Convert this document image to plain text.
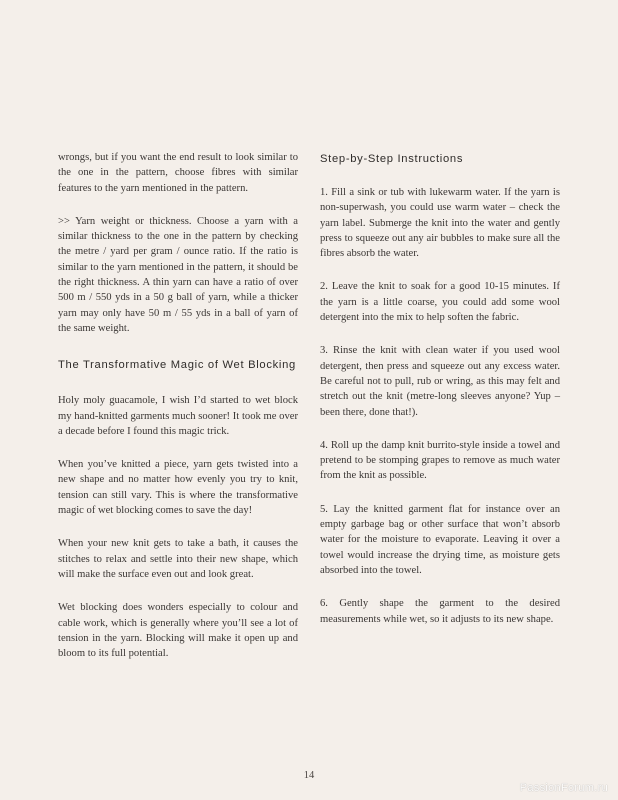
wrongs, but if you want the end result to look similar to the one in the pattern, choose fibres with similar features to the yarn mentioned in the pattern.

>> Yarn weight or thickness. Choose a yarn with a similar thickness to the one in the pattern by checking the metre / yard per gram / ounce ratio. If the ratio is similar to the yarn mentioned in the pattern, it should be the right thickness. A thin yarn can have a ratio of over 500 m / 550 yds in a 50 g ball of yarn, while a thicker yarn may only have 50 m / 55 yds in a ball of yarn of the same weight.

The Transformative Magic of Wet Blocking

Holy moly guacamole, I wish I’d started to wet block my hand-knitted garments much sooner! It took me over a decade before I found this magic trick.

When you’ve knitted a piece, yarn gets twisted into a new shape and no matter how evenly you try to knit, tension can still vary. This is where the transformative magic of wet blocking comes to save the day!

When your new knit gets to take a bath, it causes the stitches to relax and settle into their new shape, which will make the surface even out and look great.

Wet blocking does wonders especially to colour and cable work, which is generally where you’ll see a lot of tension in the yarn. Blocking will make it open up and bloom to its full potential.

Step-by-Step Instructions

1. Fill a sink or tub with lukewarm water. If the yarn is non-superwash, you could use warm water – check the yarn label. Submerge the knit into the water and gently press to squeeze out any air bubbles to make sure all the fibres absorb the water.

2. Leave the knit to soak for a good 10-15 minutes. If the yarn is a little coarse, you could add some wool detergent into the mix to help soften the fabric.

3. Rinse the knit with clean water if you used wool detergent, then press and squeeze out any excess water. Be careful not to pull, rub or wring, as this may felt and stretch out the knit (metre-long sleeves anyone? Yup – been there, done that!).

4. Roll up the damp knit burrito-style inside a towel and pretend to be stomping grapes to remove as much water from the knit as possible.

5. Lay the knitted garment flat for instance over an empty garbage bag or other surface that won’t absorb water for the moisture to evaporate. Leaving it over a towel would increase the drying time, as moisture gets absorbed into the towel.

6. Gently shape the garment to the desired measurements while wet, so it adjusts to its new shape.

14
PassionForum.ru
